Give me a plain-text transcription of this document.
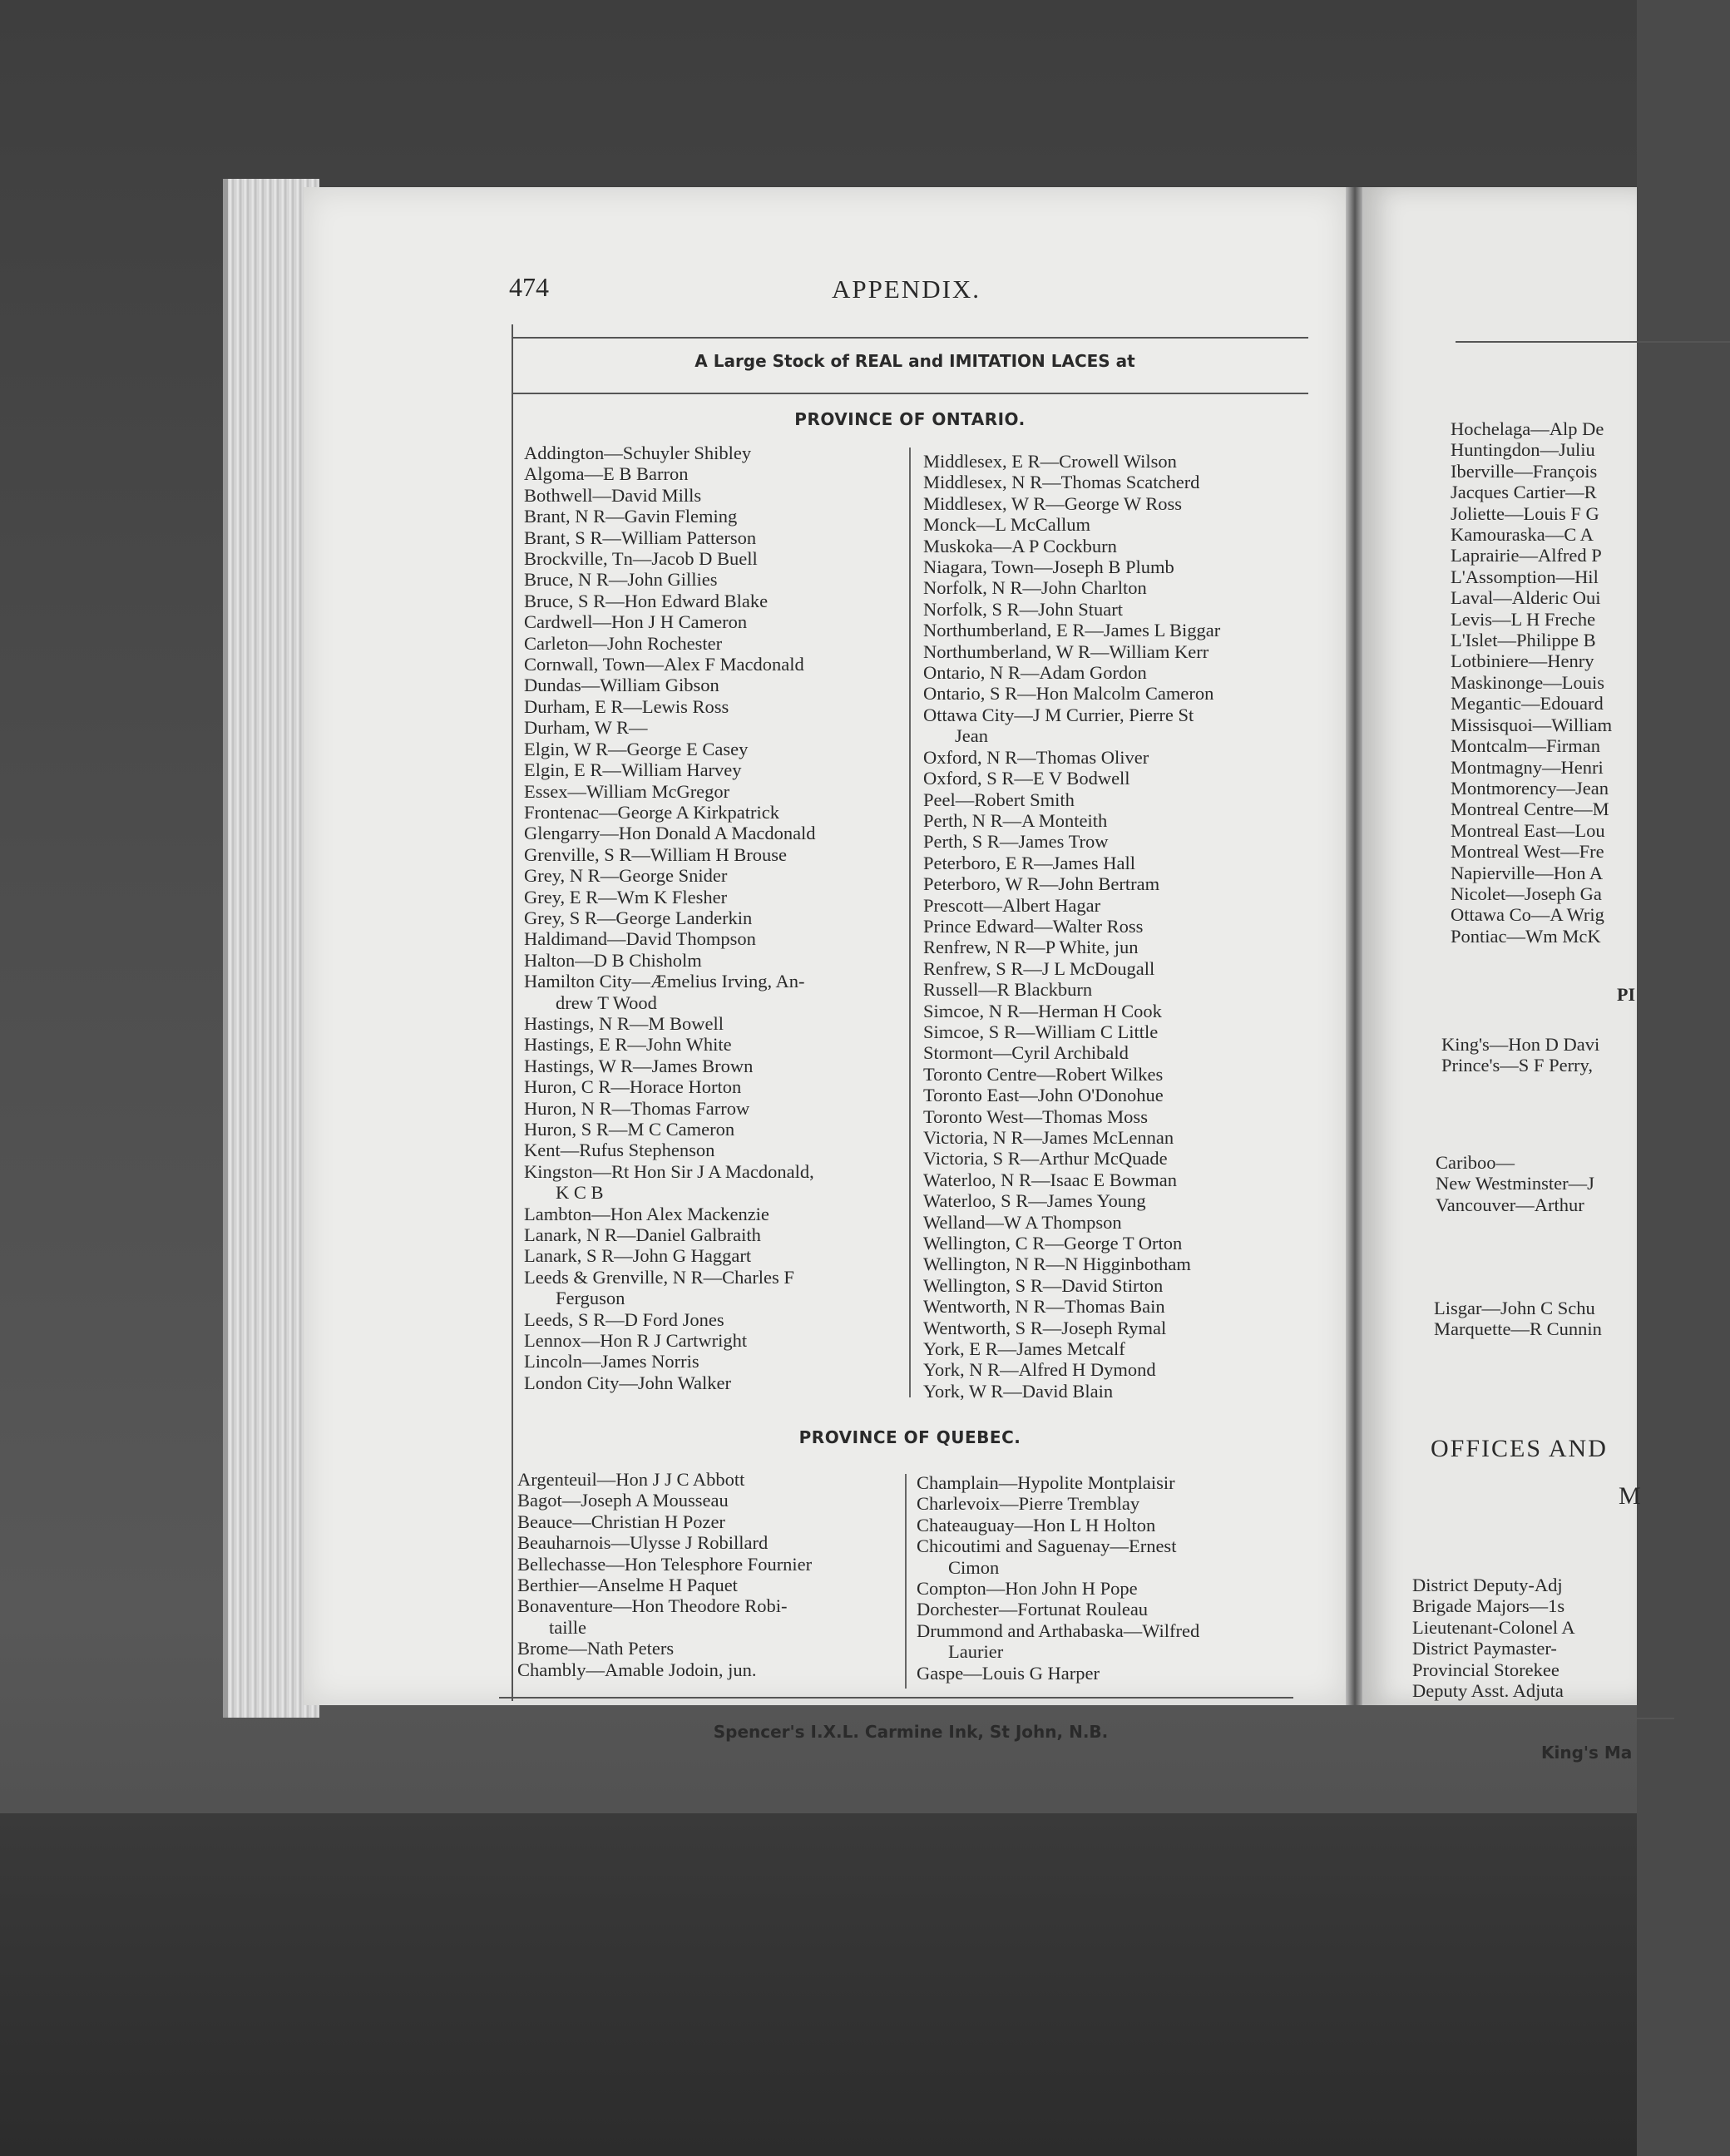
474	APPENDIX.
A Large Stock of REAL and IMITATION LACES at
PROVINCE OF ONTARIO.
Addington—Schuyler Shibley
Algoma—E B Barron
Bothwell—David Mills
Brant, N R—Gavin Fleming
Brant, S R—William Patterson
Brockville, Tn—Jacob D Buell
Bruce, N R—John Gillies
Bruce, S R—Hon Edward Blake
Cardwell—Hon J H Cameron
Carleton—John Rochester
Cornwall, Town—Alex F Macdonald
Dundas—William Gibson
Durham, E R—Lewis Ross
Durham, W R—
Elgin, W R—George E Casey
Elgin, E R—William Harvey
Essex—William McGregor
Frontenac—George A Kirkpatrick
Glengarry—Hon Donald A Macdonald
Grenville, S R—William H Brouse
Grey, N R—George Snider
Grey, E R—Wm K Flesher
Grey, S R—George Landerkin
Haldimand—David Thompson
Halton—D B Chisholm
Hamilton City—Æmelius Irving, An-
drew T Wood
Hastings, N R—M Bowell
Hastings, E R—John White
Hastings, W R—James Brown
Huron, C R—Horace Horton
Huron, N R—Thomas Farrow
Huron, S R—M C Cameron
Kent—Rufus Stephenson
Kingston—Rt Hon Sir J A Macdonald,
K C B
Lambton—Hon Alex Mackenzie
Lanark, N R—Daniel Galbraith
Lanark, S R—John G Haggart
Leeds & Grenville, N R—Charles F
Ferguson
Leeds, S R—D Ford Jones
Lennox—Hon R J Cartwright
Lincoln—James Norris
London City—John Walker
Middlesex, E R—Crowell Wilson
Middlesex, N R—Thomas Scatcherd
Middlesex, W R—George W Ross
Monck—L McCallum
Muskoka—A P Cockburn
Niagara, Town—Joseph B Plumb
Norfolk, N R—John Charlton
Norfolk, S R—John Stuart
Northumberland, E R—James L Biggar
Northumberland, W R—William Kerr
Ontario, N R—Adam Gordon
Ontario, S R—Hon Malcolm Cameron
Ottawa City—J M Currier, Pierre St
Jean
Oxford, N R—Thomas Oliver
Oxford, S R—E V Bodwell
Peel—Robert Smith
Perth, N R—A Monteith
Perth, S R—James Trow
Peterboro, E R—James Hall
Peterboro, W R—John Bertram
Prescott—Albert Hagar
Prince Edward—Walter Ross
Renfrew, N R—P White, jun
Renfrew, S R—J L McDougall
Russell—R Blackburn
Simcoe, N R—Herman H Cook
Simcoe, S R—William C Little
Stormont—Cyril Archibald
Toronto Centre—Robert Wilkes
Toronto East—John O'Donohue
Toronto West—Thomas Moss
Victoria, N R—James McLennan
Victoria, S R—Arthur McQuade
Waterloo, N R—Isaac E Bowman
Waterloo, S R—James Young
Welland—W A Thompson
Wellington, C R—George T Orton
Wellington, N R—N Higginbotham
Wellington, S R—David Stirton
Wentworth, N R—Thomas Bain
Wentworth, S R—Joseph Rymal
York, E R—James Metcalf
York, N R—Alfred H Dymond
York, W R—David Blain
PROVINCE OF QUEBEC.
Argenteuil—Hon J J C Abbott
Bagot—Joseph A Mousseau
Beauce—Christian H Pozer
Beauharnois—Ulysse J Robillard
Bellechasse—Hon Telesphore Fournier
Berthier—Anselme H Paquet
Bonaventure—Hon Theodore Robi-
taille
Brome—Nath Peters
Chambly—Amable Jodoin, jun.
Champlain—Hypolite Montplaisir
Charlevoix—Pierre Tremblay
Chateauguay—Hon L H Holton
Chicoutimi and Saguenay—Ernest
Cimon
Compton—Hon John H Pope
Dorchester—Fortunat Rouleau
Drummond and Arthabaska—Wilfred
Laurier
Gaspe—Louis G Harper
Spencer's I.X.L. Carmine Ink, St John, N.B.
Hochelaga—Alp De
Huntingdon—Juliu
Iberville—François
Jacques Cartier—R
Joliette—Louis F G
Kamouraska—C A
Laprairie—Alfred P
L'Assomption—Hil
Laval—Alderic Oui
Levis—L H Freche
L'Islet—Philippe B
Lotbiniere—Henry
Maskinonge—Louis
Megantic—Edouard
Missisquoi—William
Montcalm—Firman
Montmagny—Henri
Montmorency—Jean
Montreal Centre—M
Montreal East—Lou
Montreal West—Fre
Napierville—Hon A
Nicolet—Joseph Ga
Ottawa Co—A Wrig
Pontiac—Wm McK
PI
King's—Hon D Davi
Prince's—S F Perry,
Cariboo—
New Westminster—J
Vancouver—Arthur
Lisgar—John C Schu
Marquette—R Cunnin
OFFICES AND
M
District Deputy-Adj
Brigade Majors—1s
Lieutenant-Colonel A
District Paymaster-
Provincial Storekee
Deputy Asst. Adjuta
King's Ma
